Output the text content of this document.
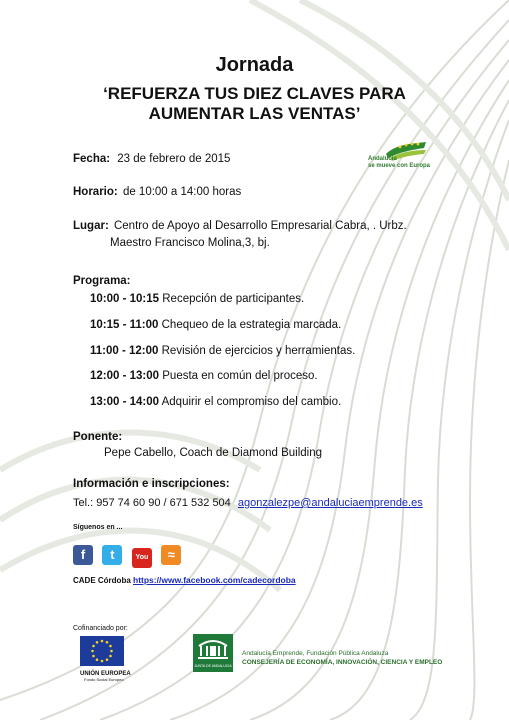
Jornada
‘REFUERZA TUS DIEZ CLAVES PARA
AUMENTAR LAS VENTAS’
Andalucía
se mueve con Europa
Fecha: 23 de febrero de 2015
Horario: de 10:00 a 14:00 horas
Lugar: Centro de Apoyo al Desarrollo Empresarial Cabra, . Urbz.
Maestro Francisco Molina,3, bj.
Programa:
10:00 - 10:15 Recepción de participantes.
10:15 - 11:00 Chequeo de la estrategia marcada.
11:00 - 12:00 Revisión de ejercicios y herramientas.
12:00 - 13:00 Puesta en común del proceso.
13:00 - 14:00 Adquirir el compromiso del cambio.
Ponente:
Pepe Cabello, Coach de Diamond Building
Información e inscripciones:
Tel.: 957 74 60 90 / 671 532 504 agonzalezpe@andaluciaemprende.es
Síguenos en ...
f t	You ≈
CADE Córdoba https://www.facebook.com/cadecordoba
Cofinanciado por:
UNIÓN EUROPEA
Fondo Social Europeo
JUNTA DE ANDALUCIA
Andalucía Emprende, Fundación Pública Andaluza
CONSEJERÍA DE ECONOMÍA, INNOVACIÓN, CIENCIA Y EMPLEO
